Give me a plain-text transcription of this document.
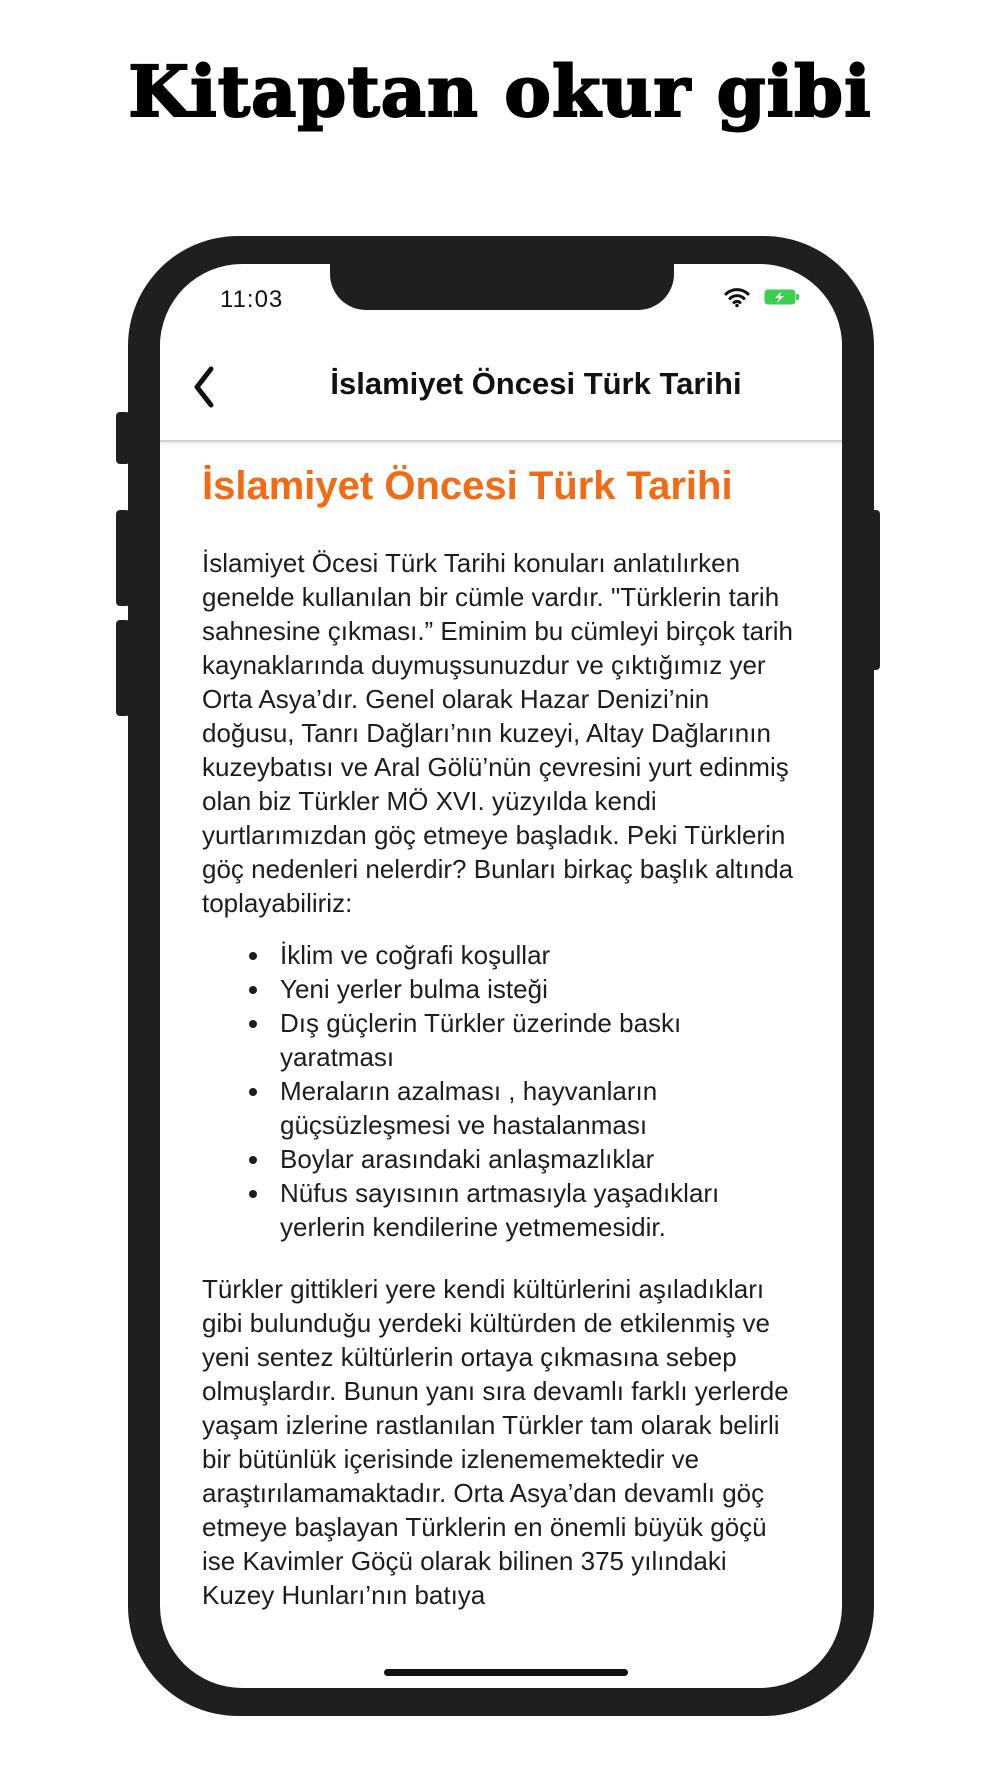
Kitaptan okur gibi
11:03
İslamiyet Öncesi Türk Tarihi
İslamiyet Öncesi Türk Tarihi

İslamiyet Öcesi Türk Tarihi konuları anlatılırken genelde kullanılan bir cümle vardır. "Türklerin tarih sahnesine çıkması.” Eminim bu cümleyi birçok tarih kaynaklarında duymuşsunuzdur ve çıktığımız yer Orta Asya’dır. Genel olarak Hazar Denizi’nin doğusu, Tanrı Dağları’nın kuzeyi, Altay Dağlarının kuzeybatısı ve Aral Gölü’nün çevresini yurt edinmiş olan biz Türkler MÖ XVI. yüzyılda kendi yurtlarımızdan göç etmeye başladık. Peki Türklerin göç nedenleri nelerdir? Bunları birkaç başlık altında toplayabiliriz:

• İklim ve coğrafi koşullar
• Yeni yerler bulma isteği
• Dış güçlerin Türkler üzerinde baskı yaratması
• Meraların azalması , hayvanların güçsüzleşmesi ve hastalanması
• Boylar arasındaki anlaşmazlıklar
• Nüfus sayısının artmasıyla yaşadıkları yerlerin kendilerine yetmemesidir.

Türkler gittikleri yere kendi kültürlerini aşıladıkları gibi bulunduğu yerdeki kültürden de etkilenmiş ve yeni sentez kültürlerin ortaya çıkmasına sebep olmuşlardır. Bunun yanı sıra devamlı farklı yerlerde yaşam izlerine rastlanılan Türkler tam olarak belirli bir bütünlük içerisinde izlenememektedir ve araştırılamamaktadır. Orta Asya’dan devamlı göç etmeye başlayan Türklerin en önemli büyük göçü ise Kavimler Göçü olarak bilinen 375 yılındaki Kuzey Hunları’nın batıya
